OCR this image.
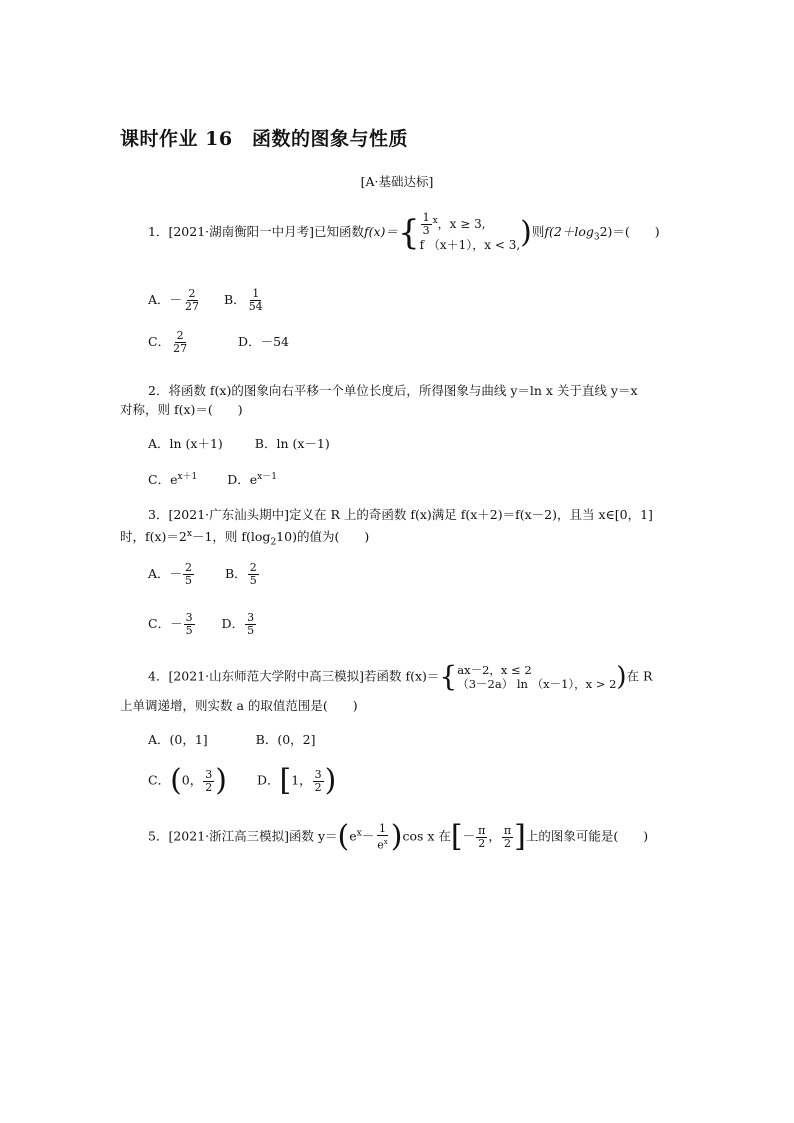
课时作业 16　函数的图象与性质
[A·基础达标]
1．[2021·湖南衡阳一中月考]已知函数$f(x)=\{ \frac{1}{3} ^x$，x ≥ 3,
f （x＋1），x < 3, )则$f(2+\log_32)=$(　　)
A．－ $\frac{2}{27}$ B． $\frac{1}{54}$
C． $\frac{2}{27}$	D．－54
2．将函数 f(x)的图象向右平移一个单位长度后，所得图象与曲线 y＝ln x 关于直线 y＝x
对称，则 f(x)＝(　　)
A．ln (x＋1)	B．ln (x－1)
C．$e^{x+1}$ D．$e^{x-1}$
3．[2021·广东汕头期中]定义在 R 上的奇函数 f(x)满足 f(x＋2)＝f(x－2)，且当 x∈[0，1]
时，$f(x)=2^x-1$，则 $f(\log_210)$的值为(　　)
A．－ $\frac{2}{5}$ B． $\frac{2}{5}$
C．－ $\frac{3}{5}$ D． $\frac{3}{5}$
4．[2021·山东师范大学附中高三模拟]若函数 f(x)＝{ ax－2，x ≤ 2
（3－2a） ln （x－1），x > 2 )在 R
上单调递增，则实数 a 的取值范围是(　　)
A．(0，1]	B．(0，2]
C．(0， $\frac{3}{2}$ ) D．[1， $\frac{3}{2}$ )
5．[2021·浙江高三模拟]函数 $y=(e^x- \frac{1}{e^x} )\cos$ x 在[－ $\frac{\pi}{2}$ ， $\frac{\pi}{2}$ ]上的图象可能是(　　)
